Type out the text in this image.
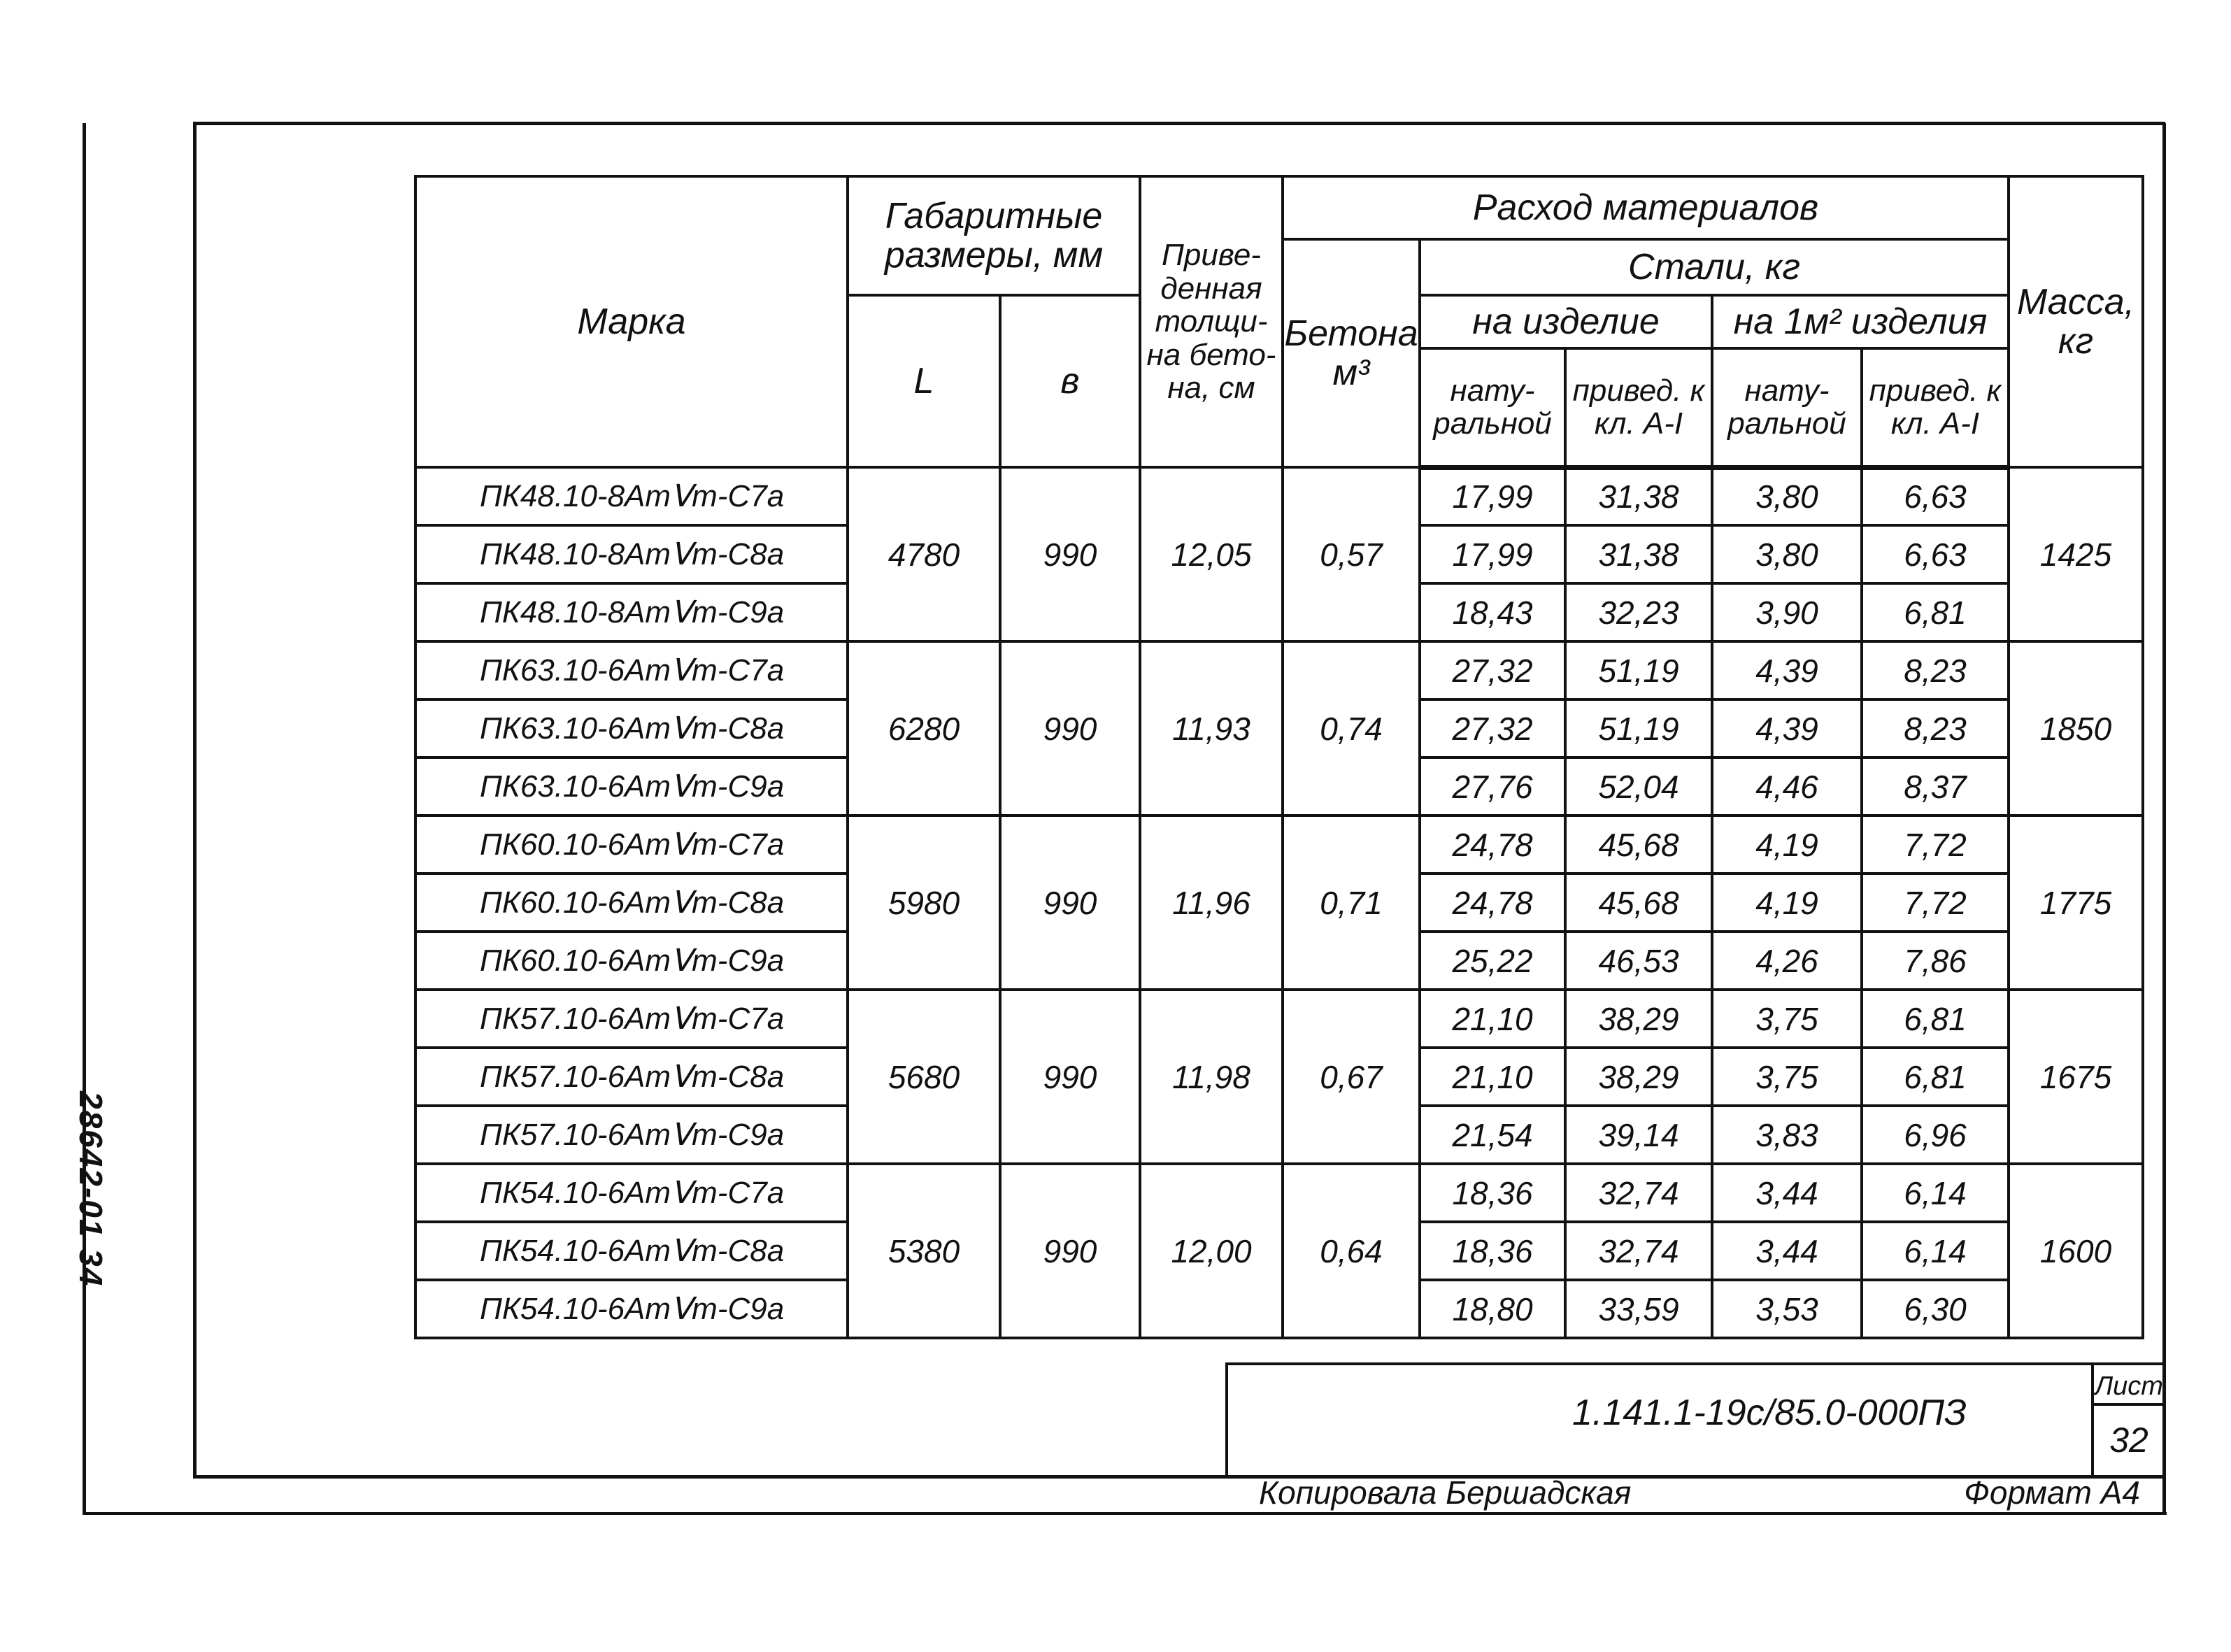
Марка	Габаритные размеры, мм		Приве-денная толщи-на бето-на, см	Расход материалов					Масса, кг
				Бетона м³	Стали, кг				
	L	в			на изделие		на 1м² изделия		
					нату-ральной	привед. к кл. A-I	нату-ральной	привед. к кл. A-I	
ПК48.10-8АтⅤт-С7а	4780	990	12,05	0,57	17,99	31,38	3,80	6,63	1425
ПК48.10-8АтⅤт-С8а					17,99	31,38	3,80	6,63	
ПК48.10-8АтⅤт-С9а					18,43	32,23	3,90	6,81	
ПК63.10-6АтⅤт-С7а	6280	990	11,93	0,74	27,32	51,19	4,39	8,23	1850
ПК63.10-6АтⅤт-С8а					27,32	51,19	4,39	8,23	
ПК63.10-6АтⅤт-С9а					27,76	52,04	4,46	8,37	
ПК60.10-6АтⅤт-С7а	5980	990	11,96	0,71	24,78	45,68	4,19	7,72	1775
ПК60.10-6АтⅤт-С8а					24,78	45,68	4,19	7,72	
ПК60.10-6АтⅤт-С9а					25,22	46,53	4,26	7,86	
ПК57.10-6АтⅤт-С7а	5680	990	11,98	0,67	21,10	38,29	3,75	6,81	1675
ПК57.10-6АтⅤт-С8а					21,10	38,29	3,75	6,81	
ПК57.10-6АтⅤт-С9а					21,54	39,14	3,83	6,96	
ПК54.10-6АтⅤт-С7а	5380	990	12,00	0,64	18,36	32,74	3,44	6,14	1600
ПК54.10-6АтⅤт-С8а					18,36	32,74	3,44	6,14	
ПК54.10-6АтⅤт-С9а					18,80	33,59	3,53	6,30	
1.141.1-19с/85.0-000ПЗ
Лист
32
Копировала Бершадская	Формат А4
28642-01 34
